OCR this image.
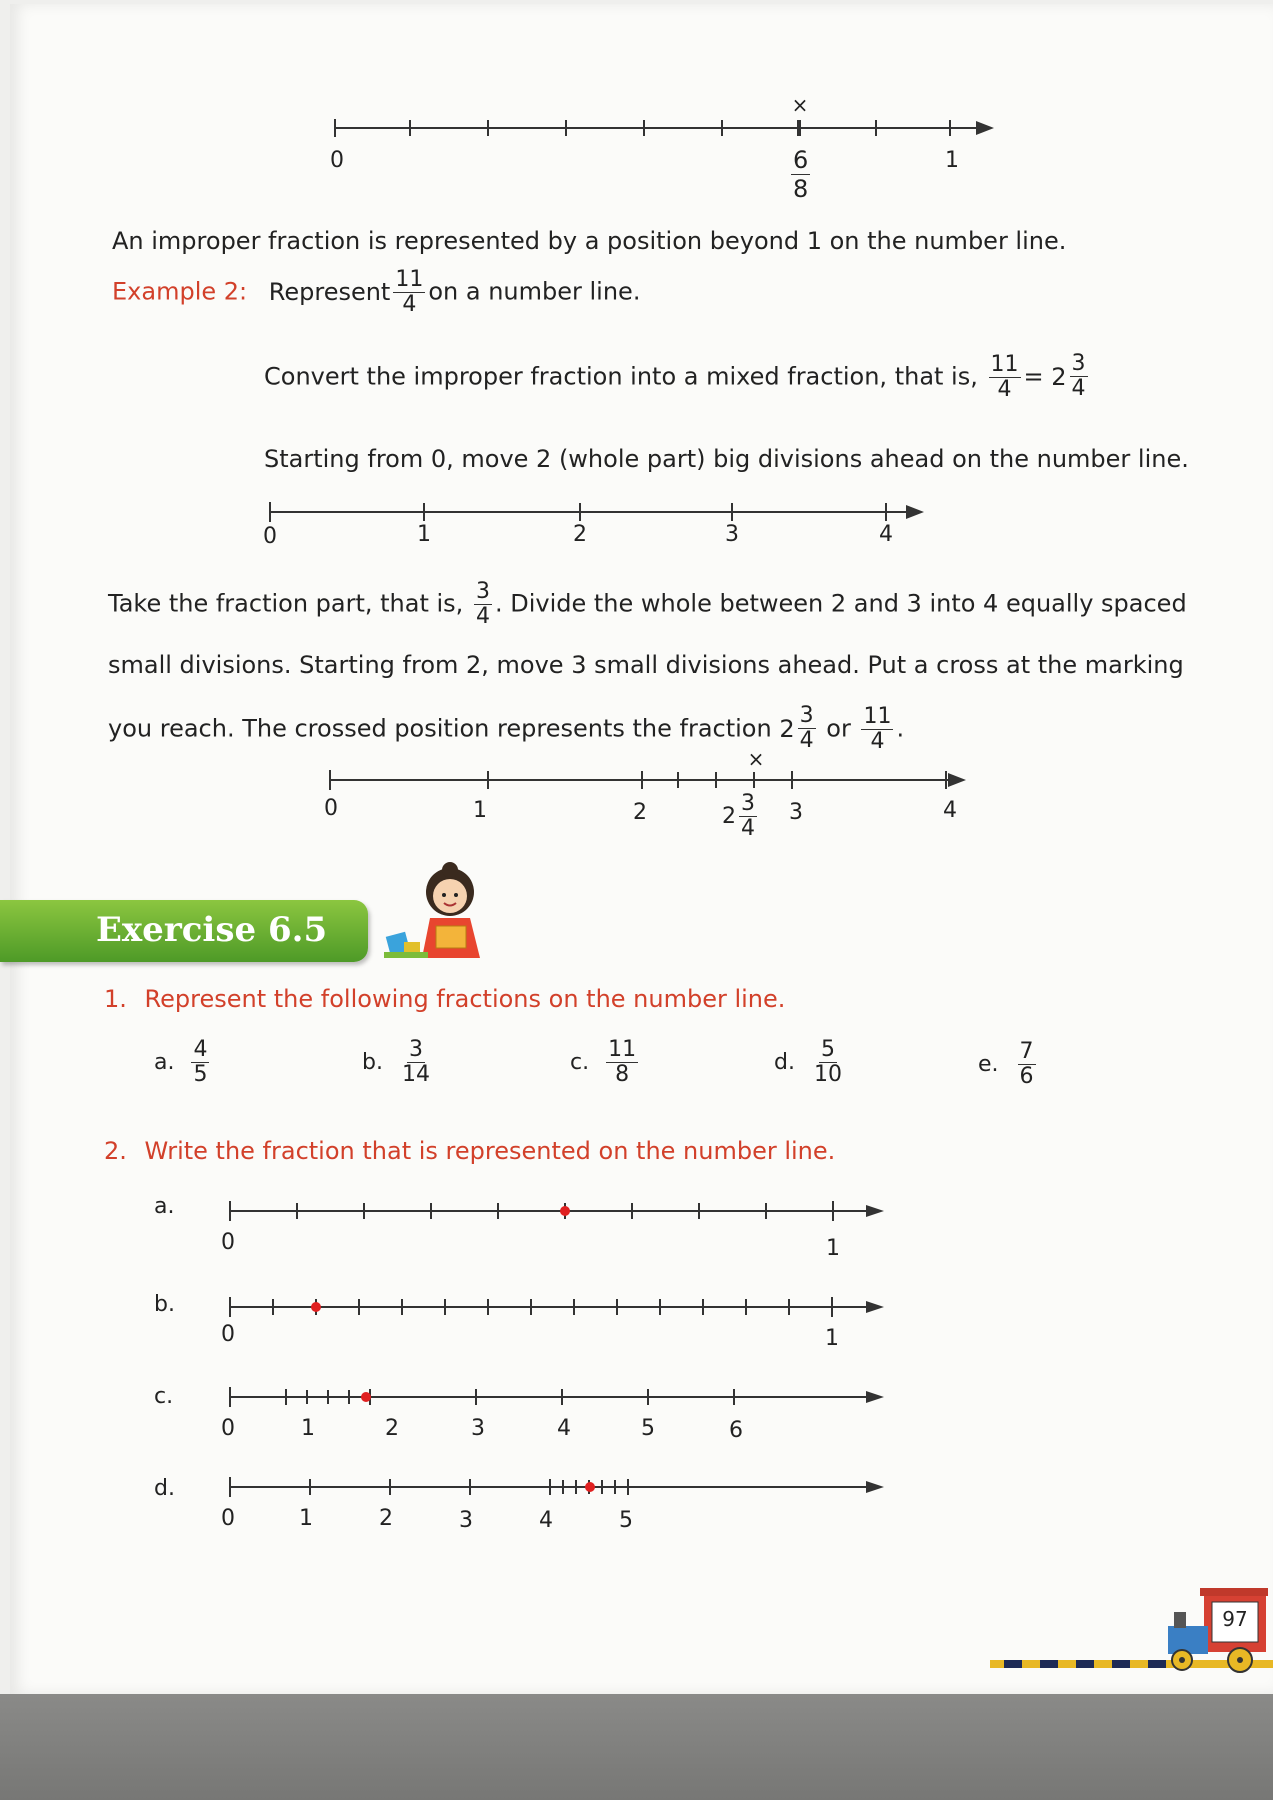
×
0	1
$\frac{6}{8}$
An improper fraction is represented by a position beyond 1 on the number line.
Example 2: Represent $\frac{11}{4}$ on a number line.
Convert the improper fraction into a mixed fraction, that is, $\frac{11}{4} = 2 \frac{3}{4}$
Starting from 0, move 2 (whole part) big divisions ahead on the number line.
0	1	2	3	4
Take the fraction part, that is, $\frac{3}{4}$ . Divide the whole between 2 and 3 into 4 equally spaced
small divisions. Starting from 2, move 3 small divisions ahead. Put a cross at the marking
you reach. The crossed position represents the fraction $2 \frac{3}{4}$ or $\frac{11}{4}$ .
×
0	1	2	$2 \frac{3}{4} 3$	4
Exercise 6.5
1. Represent the following fractions on the number line.
a. $\frac{4}{5}$	b. $\frac{3}{14}$	c. $\frac{11}{8}$	d. $\frac{5}{10}$	e. $\frac{7}{6}$
2. Write the fraction that is represented on the number line.
a.
0	1
b.
0	1
c.
0	1	2	3	4	5	6
d.
0	1	2	3	4	5
97
